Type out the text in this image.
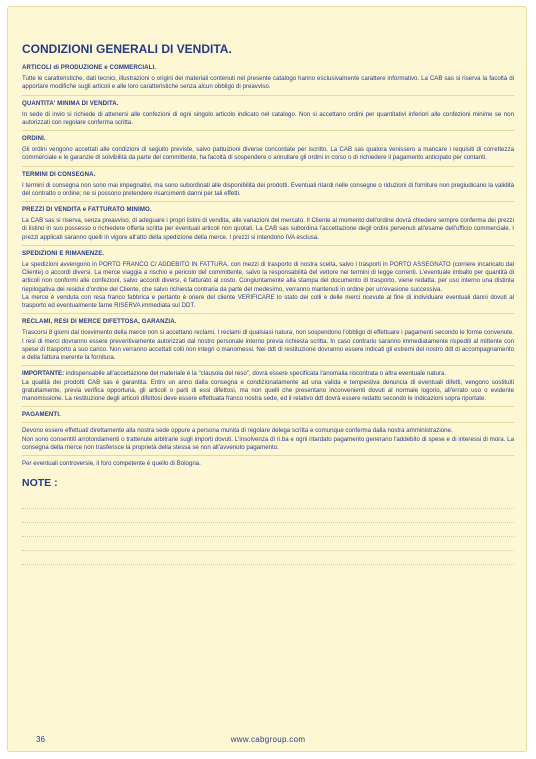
CONDIZIONI GENERALI DI VENDITA.
ARTICOLI di PRODUZIONE e COMMERCIALI.

Tutte le caratteristiche, dati tecnici, illustrazioni o origini dei materiali contenuti nel presente catalogo hanno esclusivamente carattere informativo. La CAB sas si riserva la facoltà di apportare modifiche sugli articoli e alle loro caratteristiche senza alcun obbligo di preavviso.

QUANTITA' MINIMA DI VENDITA.

In sede di invio si richiede di attenersi alle confezioni di ogni singolo articolo indicato nel catalogo. Non si accettano ordini per quantitativi inferiori alle confezioni minime se non autorizzati con regolare conferma scritta.

ORDINI.

Gli ordini vengono accettati alle condizioni di seguito previste, salvo pattuizioni diverse concordate per iscritto. La CAB sas qualora venissero a mancare i requisiti di correttezza commerciale e le garanzie di solvibilità da parte del committente, ha facoltà di sospendere o annullare gli ordini in corso o di richiedere il pagamento anticipato per contanti.

TERMINI DI CONSEGNA.

I termini di consegna non sono mai impegnativi, ma sono subordinati alle disponibilità dei prodotti. Eventuali ritardi nelle consegne o riduzioni di forniture non pregiudicano la validità del contratto o ordine; ne si possono pretendere risarcimenti danni per tali effetti.

PREZZI DI VENDITA e FATTURATO MINIMO.

La CAB sas si riserva, senza preavviso, di adeguare i propri listini di vendita, alle variazioni del mercato. Il Cliente al momento dell'ordine dovrà chiedere sempre conferma dei prezzi di listino in suo possesso o richiedere offerta scritta per eventuali articoli non quotati. La CAB sas subordina l'accettazione degli ordini pervenuti all'esame dell'ufficio commerciale. I prezzi applicati saranno quelli in vigore all'atto della spedizione della merce. I prezzi si intendono IVA esclusa.

SPEDIZIONI E RIMANENZE.

Le spedizioni avvengono in PORTO FRANCO C/ ADDEBITO IN FATTURA, con mezzi di trasporto di nostra scelta, salvo i trasporti in PORTO ASSEGNATO (corriere incaricato dal Cliente) o accordi diversi. La merce viaggia a rischio e pericolo del committente, salvo la responsabilità del vettore nei termini di legge correnti. L'eventuale imballo per quantità di articoli non conformi alle confezioni, salvo accordi diversi, è fatturato al costo. Congiuntamente alla stampa del documento di trasporto, viene redatta, per uso interno una distinta riepilogativa dei residui d'ordine del Cliente, che salvo richiesta contraria da parte del medesimo, verranno mantenuti in ordine per un'evasione successiva.

La merce è venduta con resa franco fabbrica e pertanto è onere del cliente VERIFICARE lo stato dei colli e delle merci ricevute al fine di individuare eventuali danni dovuti al trasporto ed eventualmente farne RISERVA immediata sul DDT.

RECLAMI, RESI DI MERCE DIFETTOSA, GARANZIA.

Trascorsi 8 giorni dal ricevimento della merce non si accettano reclami. I reclami di qualsiasi natura, non sospendono l'obbligo di effettuare i pagamenti secondo le forme convenute. I resi di merci dovranno essere preventivamente autorizzati dal nostro personale interno previa richiesta scritta. In caso contrario saranno immediatamente rispediti al mittente con spese di trasporto a suo carico. Non verranno accettati colli non integri o manomessi. Nei ddt di restituzione dovranno essere indicati gli estremi del nostro ddt di accompagnamento e della fattura inerente la fornitura.

IMPORTANTE: indispensabile all'accettazione del materiale è la "clausola del reso", dovrà essere specificata l'anomalia riscontrata o altra eventuale natura.

La qualità dei prodotti CAB sas è garantita. Entro un anno dalla consegna e condizionatamente ad una valida e tempestiva denuncia di eventuali difetti, vengono sostituiti gratuitamente, previa verifica opportuna, gli articoli o parti di essi difettosi, ma non quelli che presentano inconvenienti dovuti al normale logorio, all'errato uso o evidente manomissione. La restituzione degli articoli difettosi deve essere effettuata franco nostra sede, ed il relativo ddt dovrà essere redatto secondo le indicazioni sopra riportate.

PAGAMENTI.

Devono essere effettuati direttamente alla nostra sede oppure a persona munita di regolare delega scritta e comunque conferma dalla nostra amministrazione.

Non sono consentiti arrotondamenti o trattenute arbitrarie sugli importi dovuti. L'insolvenza di ri.ba e ogni ritardato pagamento generano l'addebito di spese e di interessi di mora. La consegna della merce non trasferisce la proprietà della stessa se non all'avvenuto pagamento.

Per eventuali controversie, il foro competente è quello di Bologna.

NOTE :
36	www.cabgroup.com
